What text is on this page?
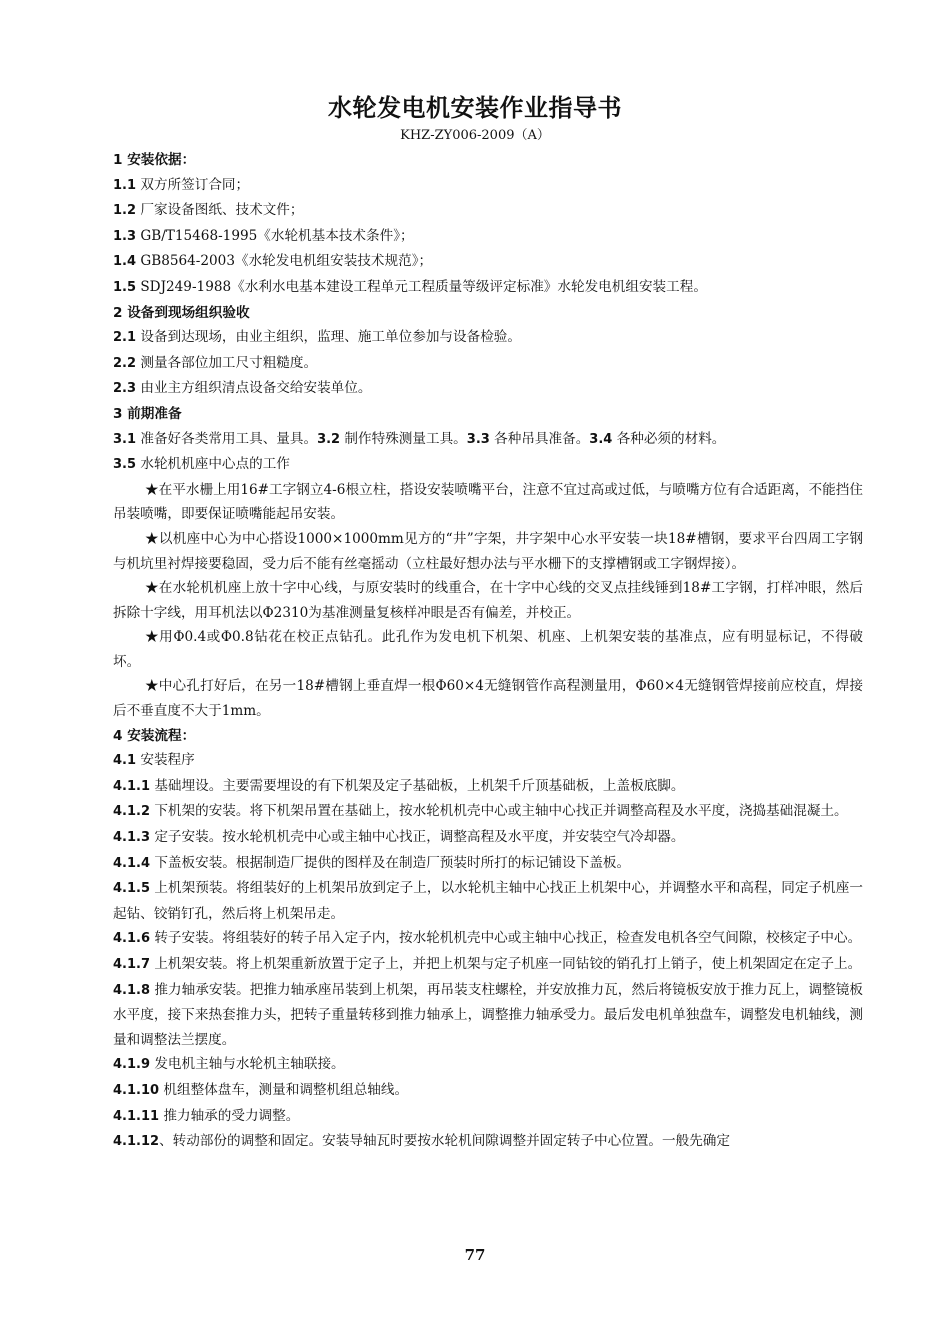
水轮发电机安装作业指导书
KHZ-ZY006-2009（A）
1 安装依据：
1.1 双方所签订合同；
1.2 厂家设备图纸、技术文件；
1.3 GB/T15468-1995《水轮机基本技术条件》；
1.4 GB8564-2003《水轮发电机组安装技术规范》；
1.5 SDJ249-1988《水利水电基本建设工程单元工程质量等级评定标准》水轮发电机组安装工程。
2 设备到现场组织验收
2.1 设备到达现场，由业主组织，监理、施工单位参加与设备检验。
2.2 测量各部位加工尺寸粗糙度。
2.3 由业主方组织清点设备交给安装单位。
3 前期准备
3.1 准备好各类常用工具、量具。3.2 制作特殊测量工具。3.3 各种吊具准备。3.4 各种必须的材料。
3.5 水轮机机座中心点的工作
★在平水栅上用16#工字钢立4-6根立柱，搭设安装喷嘴平台，注意不宜过高或过低，与喷嘴方位有合适距离，不能挡住吊装喷嘴，即要保证喷嘴能起吊安装。
★以机座中心为中心搭设1000×1000mm见方的“井”字架，井字架中心水平安装一块18#槽钢，要求平台四周工字钢与机坑里衬焊接要稳固，受力后不能有丝毫摇动（立柱最好想办法与平水栅下的支撑槽钢或工字钢焊接）。
★在水轮机机座上放十字中心线，与原安装时的线重合，在十字中心线的交叉点挂线锤到18#工字钢，打样冲眼，然后拆除十字线，用耳机法以Φ2310为基准测量复核样冲眼是否有偏差，并校正。
★用Φ0.4或Φ0.8钻花在校正点钻孔。此孔作为发电机下机架、机座、上机架安装的基准点，应有明显标记，不得破坏。
★中心孔打好后，在另一18#槽钢上垂直焊一根Φ60×4无缝钢管作高程测量用，Φ60×4无缝钢管焊接前应校直，焊接后不垂直度不大于1mm。
4 安装流程：
4.1 安装程序
4.1.1 基础埋设。主要需要埋设的有下机架及定子基础板，上机架千斤顶基础板，上盖板底脚。
4.1.2 下机架的安装。将下机架吊置在基础上，按水轮机机壳中心或主轴中心找正并调整高程及水平度，浇捣基础混凝土。
4.1.3 定子安装。按水轮机机壳中心或主轴中心找正，调整高程及水平度，并安装空气冷却器。
4.1.4 下盖板安装。根据制造厂提供的图样及在制造厂预装时所打的标记铺设下盖板。
4.1.5 上机架预装。将组装好的上机架吊放到定子上，以水轮机主轴中心找正上机架中心，并调整水平和高程，同定子机座一起钻、铰销钉孔，然后将上机架吊走。
4.1.6 转子安装。将组装好的转子吊入定子内，按水轮机机壳中心或主轴中心找正，检查发电机各空气间隙，校核定子中心。
4.1.7 上机架安装。将上机架重新放置于定子上，并把上机架与定子机座一同钻铰的销孔打上销子，使上机架固定在定子上。
4.1.8 推力轴承安装。把推力轴承座吊装到上机架，再吊装支柱螺栓，并安放推力瓦，然后将镜板安放于推力瓦上，调整镜板水平度，接下来热套推力头，把转子重量转移到推力轴承上，调整推力轴承受力。最后发电机单独盘车，调整发电机轴线，测量和调整法兰摆度。
4.1.9 发电机主轴与水轮机主轴联接。
4.1.10 机组整体盘车，测量和调整机组总轴线。
4.1.11 推力轴承的受力调整。
4.1.12、转动部份的调整和固定。安装导轴瓦时要按水轮机间隙调整并固定转子中心位置。一般先确定
77
